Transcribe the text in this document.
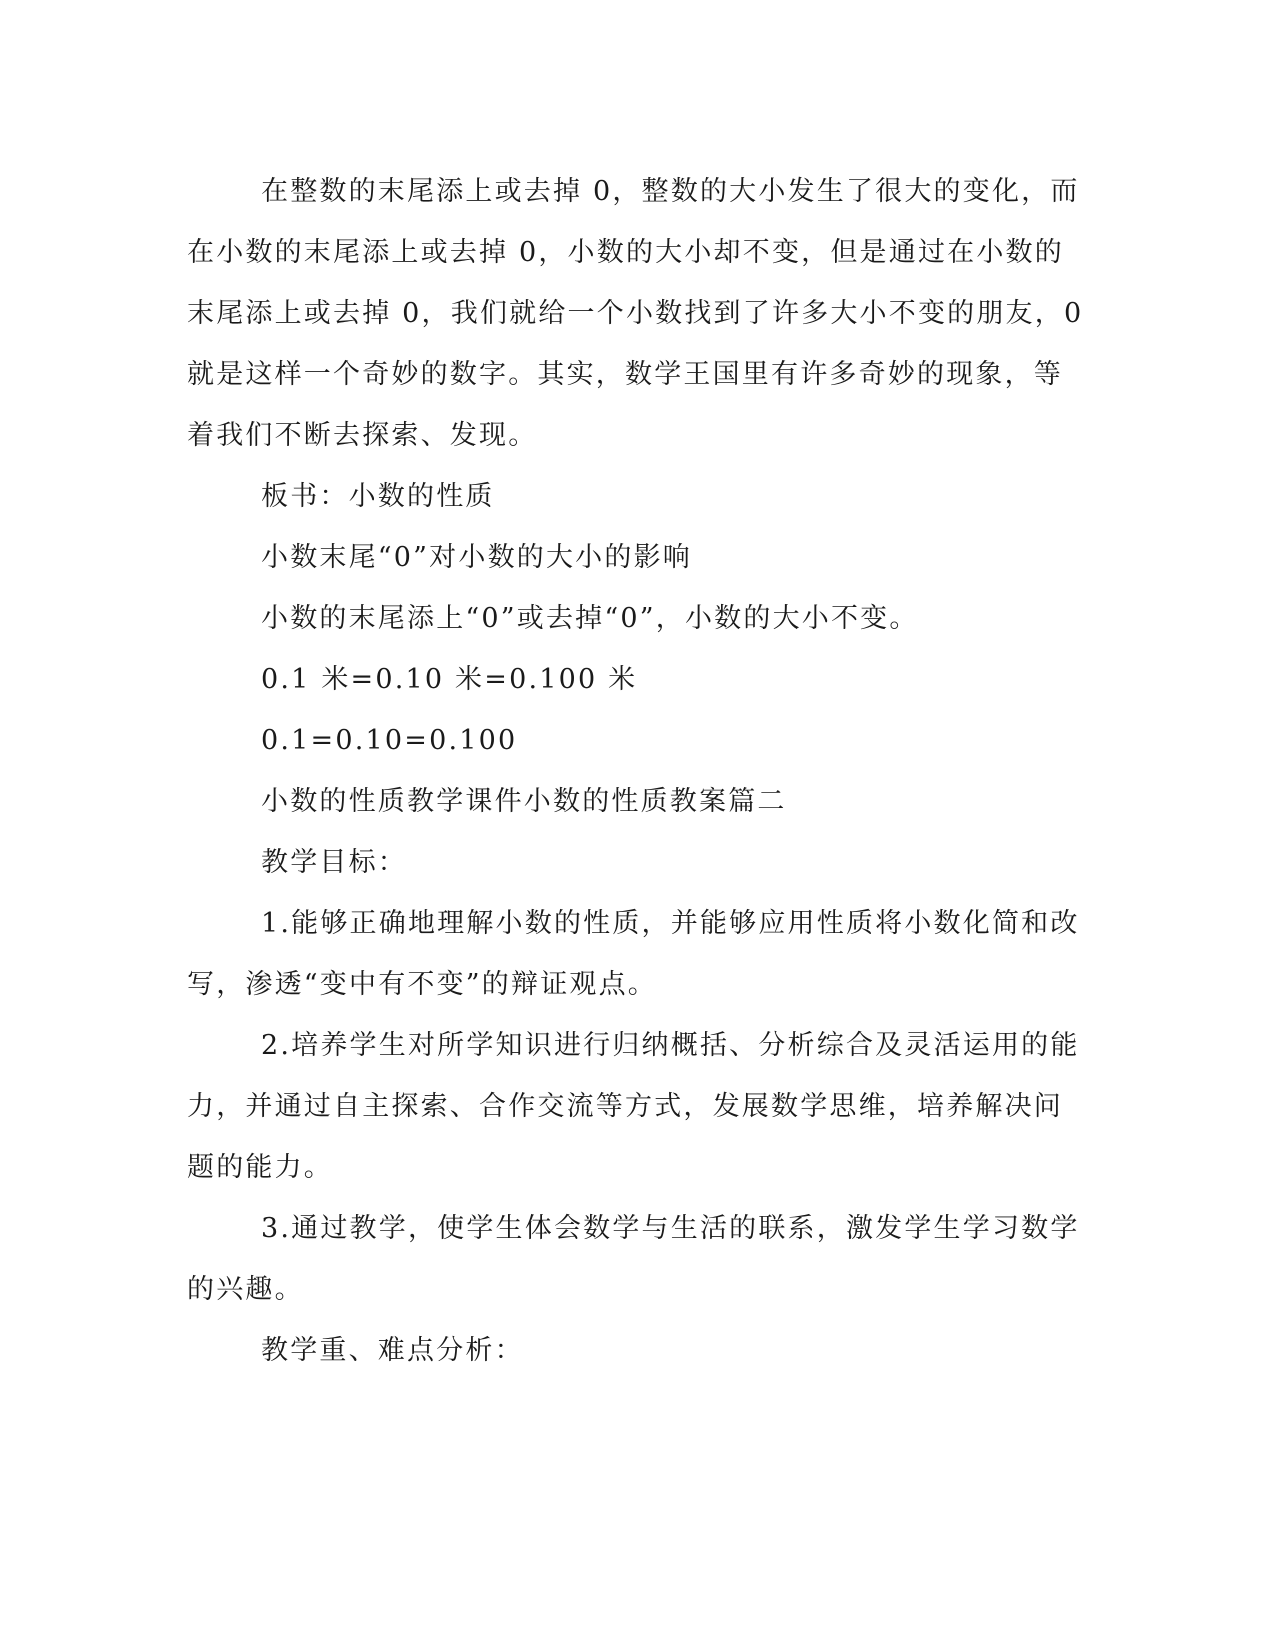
在整数的末尾添上或去掉 0，整数的大小发生了很大的变化，而在小数的末尾添上或去掉 0，小数的大小却不变，但是通过在小数的末尾添上或去掉 0，我们就给一个小数找到了许多大小不变的朋友，0 就是这样一个奇妙的数字。其实，数学王国里有许多奇妙的现象，等着我们不断去探索、发现。

板书：小数的性质

小数末尾“0”对小数的大小的影响

小数的末尾添上“0”或去掉“0”，小数的大小不变。

0.1 米=0.10 米=0.100 米

0.1=0.10=0.100

小数的性质教学课件小数的性质教案篇二

教学目标：

1.能够正确地理解小数的性质，并能够应用性质将小数化简和改写，渗透“变中有不变”的辩证观点。

2.培养学生对所学知识进行归纳概括、分析综合及灵活运用的能力，并通过自主探索、合作交流等方式，发展数学思维，培养解决问题的能力。

3.通过教学，使学生体会数学与生活的联系，激发学生学习数学的兴趣。

教学重、难点分析：
